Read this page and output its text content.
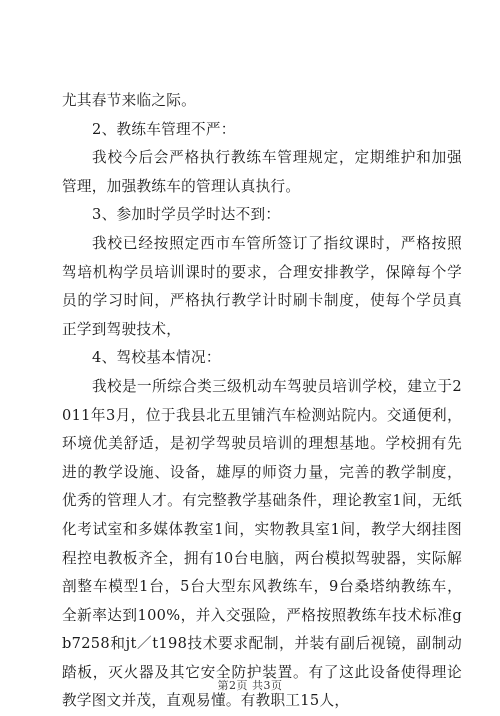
尤其春节来临之际。

2、教练车管理不严：

我校今后会严格执行教练车管理规定，定期维护和加强管理，加强教练车的管理认真执行。

3、参加时学员学时达不到：

我校已经按照定西市车管所签订了指纹课时，严格按照驾培机构学员培训课时的要求，合理安排教学，保障每个学员的学习时间，严格执行教学计时刷卡制度，使每个学员真正学到驾驶技术，

4、驾校基本情况：

我校是一所综合类三级机动车驾驶员培训学校，建立于2011年3月，位于我县北五里铺汽车检测站院内。交通便利，环境优美舒适，是初学驾驶员培训的理想基地。学校拥有先进的教学设施、设备，雄厚的师资力量，完善的教学制度，优秀的管理人才。有完整教学基础条件，理论教室1间，无纸化考试室和多媒体教室1间，实物教具室1间，教学大纲挂图程控电教板齐全，拥有10台电脑，两台模拟驾驶器，实际解剖整车模型1台，5台大型东风教练车，9台桑塔纳教练车，全新率达到100%，并入交强险，严格按照教练车技术标准gb7258和jt／t198技术要求配制，并装有副后视镜，副制动踏板，灭火器及其它安全防护装置。有了这此设备使得理论教学图文并茂，直观易懂。有教职工15人，

第2页 共3页
